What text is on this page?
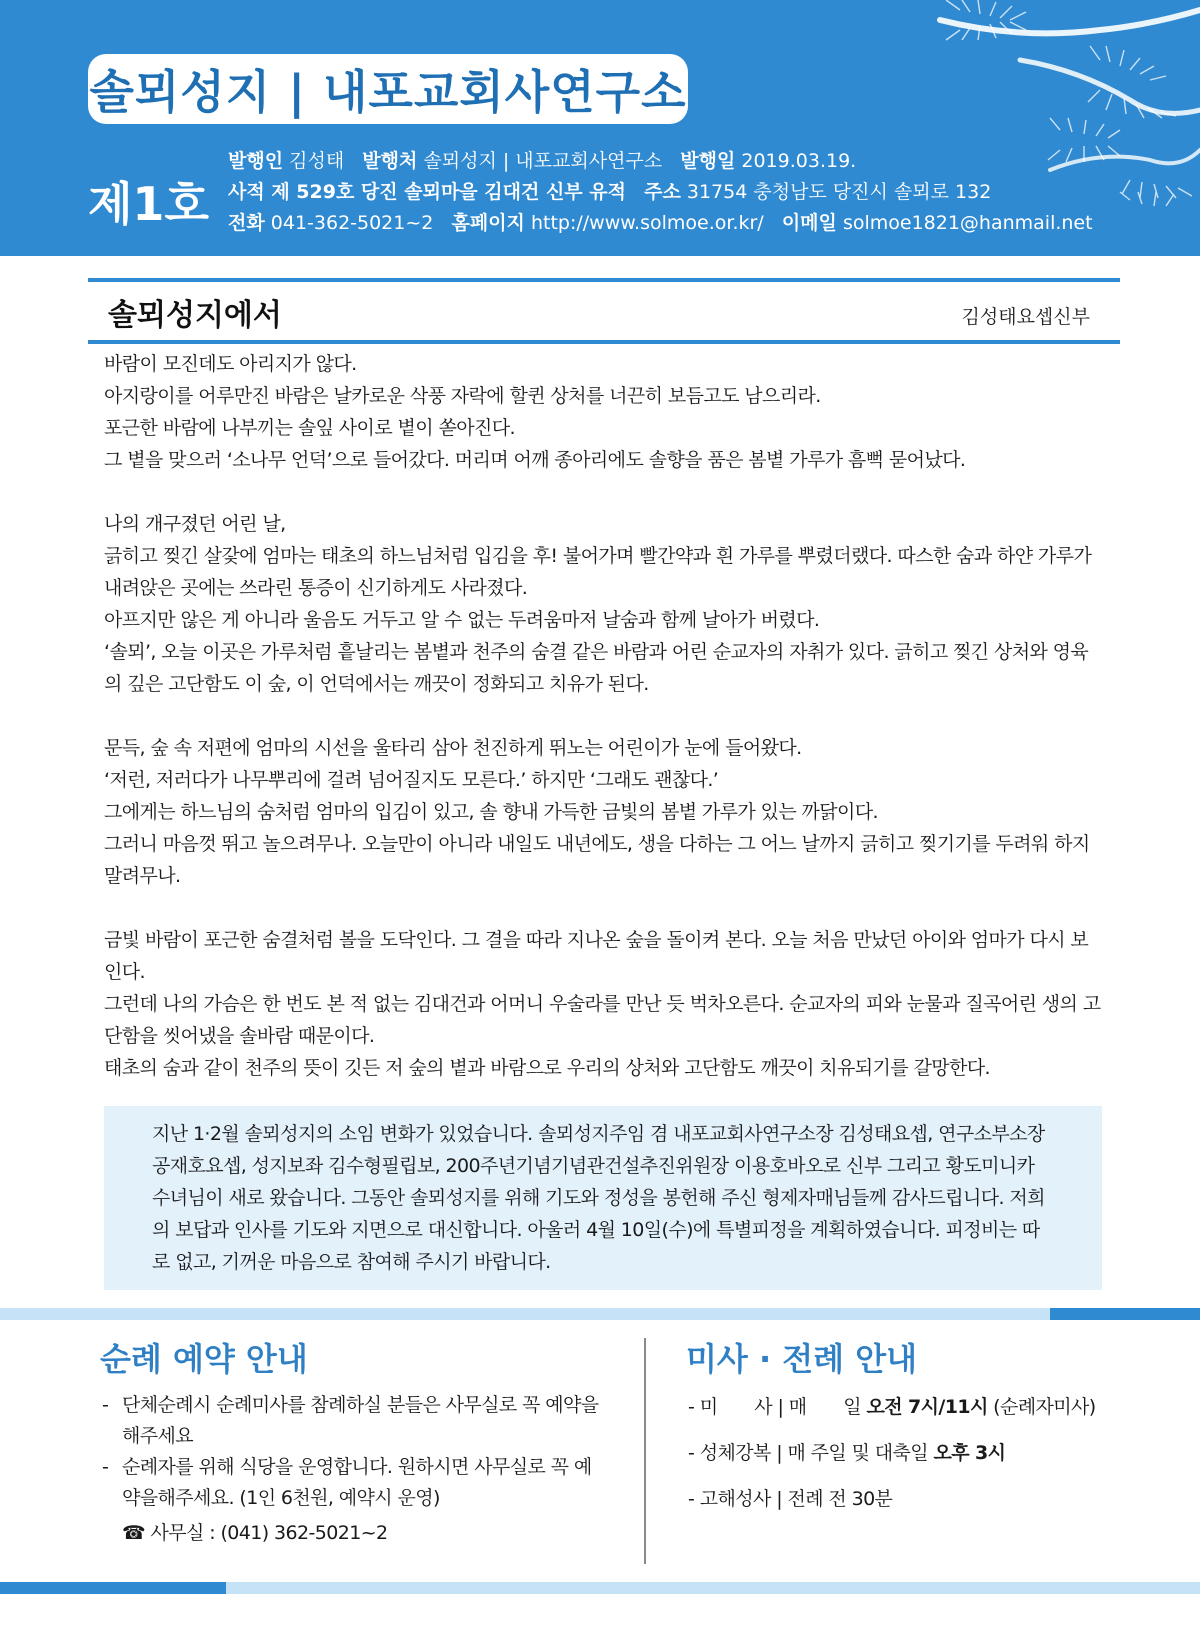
솔뫼성지 | 내포교회사연구소
제1호
발행인 김성태 발행처 솔뫼성지 | 내포교회사연구소 발행일 2019.03.19.
사적 제 529호 당진 솔뫼마을 김대건 신부 유적 주소 31754 충청남도 당진시 솔뫼로 132
전화 041-362-5021~2 홈페이지 http://www.solmoe.or.kr/ 이메일 solmoe1821@hanmail.net
솔뫼성지에서	김성태요셉신부

바람이 모진데도 아리지가 않다.
아지랑이를 어루만진 바람은 날카로운 삭풍 자락에 할퀸 상처를 너끈히 보듬고도 남으리라.
포근한 바람에 나부끼는 솔잎 사이로 볕이 쏟아진다.
그 볕을 맞으러 ‘소나무 언덕’으로 들어갔다. 머리며 어깨 종아리에도 솔향을 품은 봄볕 가루가 흠뻑 묻어났다.

나의 개구졌던 어린 날,
긁히고 찢긴 살갗에 엄마는 태초의 하느님처럼 입김을 후! 불어가며 빨간약과 흰 가루를 뿌렸더랬다. 따스한 숨과 하얀 가루가 내려앉은 곳에는 쓰라린 통증이 신기하게도 사라졌다.
아프지만 않은 게 아니라 울음도 거두고 알 수 없는 두려움마저 날숨과 함께 날아가 버렸다.
‘솔뫼’, 오늘 이곳은 가루처럼 흩날리는 봄볕과 천주의 숨결 같은 바람과 어린 순교자의 자취가 있다. 긁히고 찢긴 상처와 영육의 깊은 고단함도 이 숲, 이 언덕에서는 깨끗이 정화되고 치유가 된다.

문득, 숲 속 저편에 엄마의 시선을 울타리 삼아 천진하게 뛰노는 어린이가 눈에 들어왔다.
‘저런, 저러다가 나무뿌리에 걸려 넘어질지도 모른다.’ 하지만 ‘그래도 괜찮다.’
그에게는 하느님의 숨처럼 엄마의 입김이 있고, 솔 향내 가득한 금빛의 봄볕 가루가 있는 까닭이다.
그러니 마음껏 뛰고 놀으려무나. 오늘만이 아니라 내일도 내년에도, 생을 다하는 그 어느 날까지 긁히고 찢기기를 두려워 하지 말려무나.

금빛 바람이 포근한 숨결처럼 볼을 도닥인다. 그 결을 따라 지나온 숲을 돌이켜 본다. 오늘 처음 만났던 아이와 엄마가 다시 보인다.
그런데 나의 가슴은 한 번도 본 적 없는 김대건과 어머니 우술라를 만난 듯 벅차오른다. 순교자의 피와 눈물과 질곡어린 생의 고단함을 씻어냈을 솔바람 때문이다.
태초의 숨과 같이 천주의 뜻이 깃든 저 숲의 볕과 바람으로 우리의 상처와 고단함도 깨끗이 치유되기를 갈망한다.

지난 1·2월 솔뫼성지의 소임 변화가 있었습니다. 솔뫼성지주임 겸 내포교회사연구소장 김성태요셉, 연구소부소장 공재호요셉, 성지보좌 김수형필립보, 200주년기념기념관건설추진위원장 이용호바오로 신부 그리고 황도미니카 수녀님이 새로 왔습니다. 그동안 솔뫼성지를 위해 기도와 정성을 봉헌해 주신 형제자매님들께 감사드립니다. 저희의 보답과 인사를 기도와 지면으로 대신합니다. 아울러 4월 10일(수)에 특별피정을 계획하였습니다. 피정비는 따로 없고, 기꺼운 마음으로 참여해 주시기 바랍니다.
순례 예약 안내
- 단체순례시 순례미사를 참례하실 분들은 사무실로 꼭 예약을 해주세요
- 순례자를 위해 식당을 운영합니다. 원하시면 사무실로 꼭 예약을해주세요. (1인 6천원, 예약시 운영)
☎ 사무실 : (041) 362-5021~2
미사 · 전례 안내
- 미　　사 | 매　　일 오전 7시/11시 (순례자미사)
- 성체강복 | 매 주일 및 대축일 오후 3시
- 고해성사 | 전례 전 30분
